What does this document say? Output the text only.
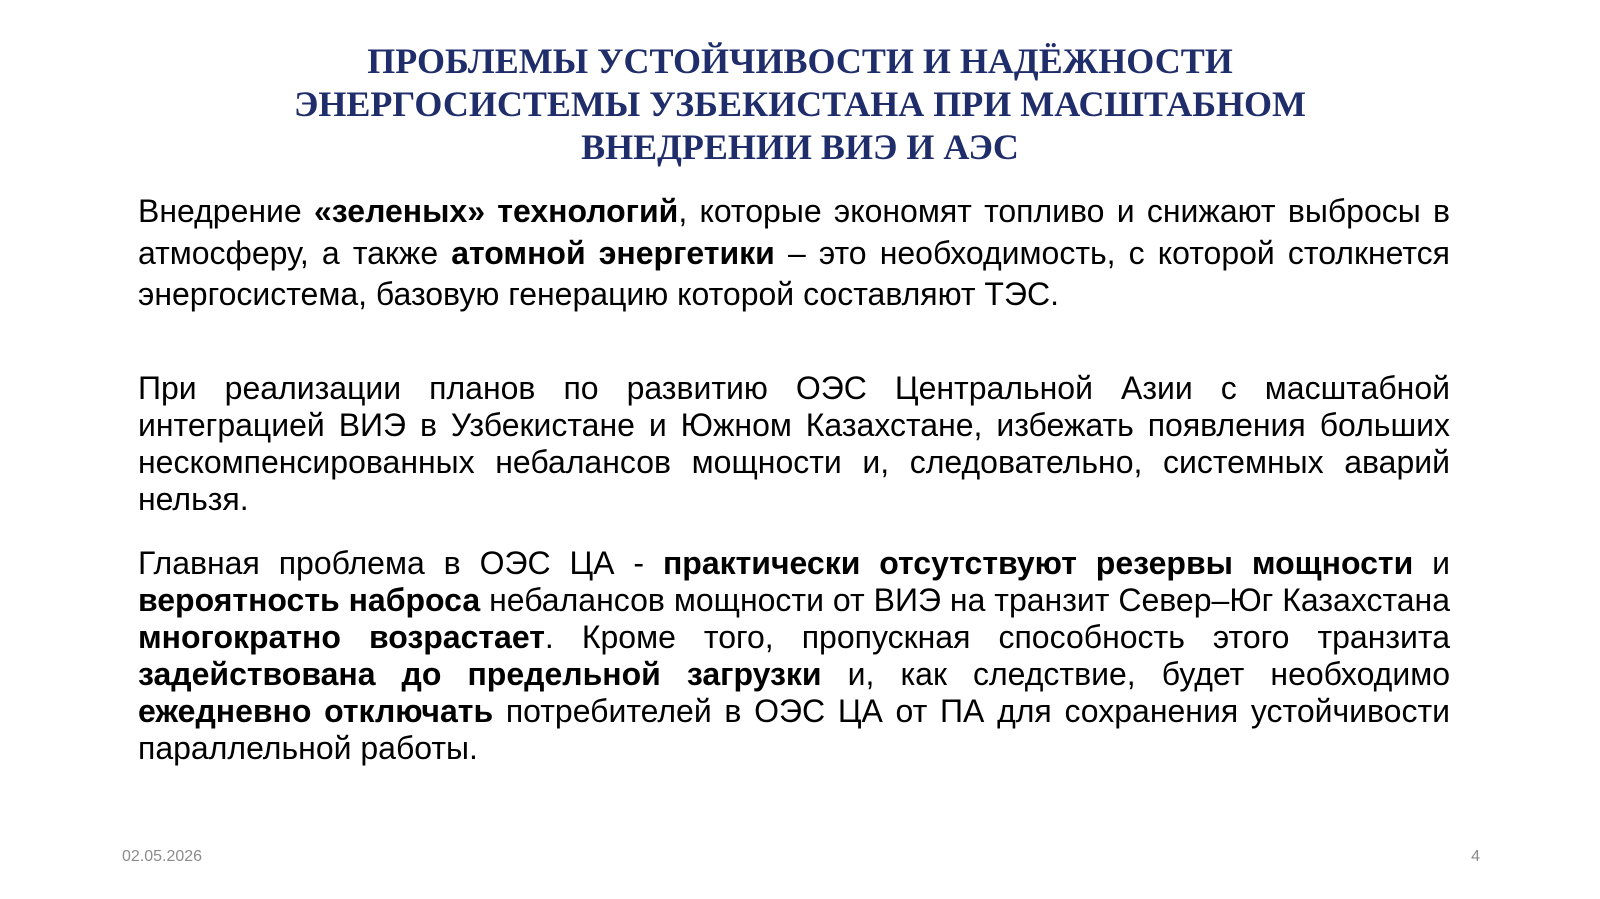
ПРОБЛЕМЫ УСТОЙЧИВОСТИ И НАДЁЖНОСТИ
ЭНЕРГОСИСТЕМЫ УЗБЕКИСТАНА ПРИ МАСШТАБНОМ
ВНЕДРЕНИИ ВИЭ И АЭС

Внедрение «зеленых» технологий, которые экономят топливо и снижают выбросы в атмосферу, а также атомной энергетики – это необходимость, с которой столкнется энергосистема, базовую генерацию которой составляют ТЭС.

При реализации планов по развитию ОЭС Центральной Азии с масштабной интеграцией ВИЭ в Узбекистане и Южном Казахстане, избежать появления больших нескомпенсированных небалансов мощности и, следовательно, системных аварий нельзя.

Главная проблема в ОЭС ЦА - практически отсутствуют резервы мощности и вероятность наброса небалансов мощности от ВИЭ на транзит Север–Юг Казахстана многократно возрастает. Кроме того, пропускная способность этого транзита задействована до предельной загрузки и, как следствие, будет необходимо ежедневно отключать потребителей в ОЭС ЦА от ПА для сохранения устойчивости параллельной работы.

02.05.2026	4
